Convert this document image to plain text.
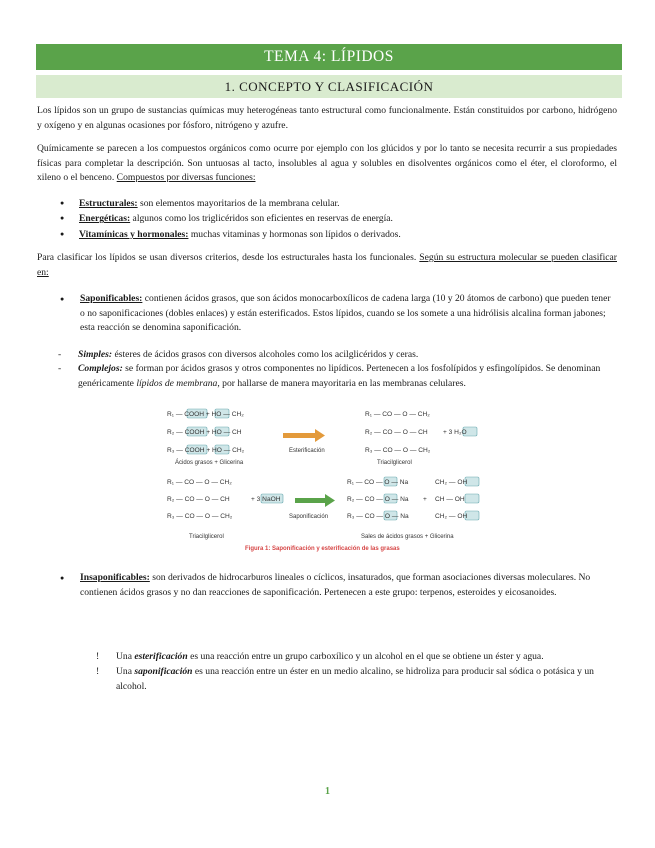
TEMA 4: LÍPIDOS
1. CONCEPTO Y CLASIFICACIÓN

Los lípidos son un grupo de sustancias químicas muy heterogéneas tanto estructural como funcionalmente. Están constituidos por carbono, hidrógeno y oxígeno y en algunas ocasiones por fósforo, nitrógeno y azufre.

Químicamente se parecen a los compuestos orgánicos como ocurre por ejemplo con los glúcidos y por lo tanto se necesita recurrir a sus propiedades físicas para completar la descripción. Son untuosas al tacto, insolubles al agua y solubles en disolventes orgánicos como el éter, el cloroformo, el xileno o el benceno. Compuestos por diversas funciones:

● Estructurales: son elementos mayoritarios de la membrana celular.
● Energéticas: algunos como los triglicéridos son eficientes en reservas de energía.
● Vitamínicas y hormonales: muchas vitaminas y hormonas son lípidos o derivados.

Para clasificar los lípidos se usan diversos criterios, desde los estructurales hasta los funcionales. Según su estructura molecular se pueden clasificar en:

● Saponificables: contienen ácidos grasos, que son ácidos monocarboxílicos de cadena larga (10 y 20 átomos de carbono) que pueden tener o no saponificaciones (dobles enlaces) y están esterificados. Estos lípidos, cuando se los somete a una hidrólisis alcalina forman jabones; esta reacción se denomina saponificación.
- Simples: ésteres de ácidos grasos con diversos alcoholes como los acilglicéridos y ceras.
- Complejos: se forman por ácidos grasos y otros componentes no lipídicos. Pertenecen a los fosfolípidos y esfingolípidos. Se denominan genéricamente lípidos de membrana, por hallarse de manera mayoritaria en las membranas celulares.
R₁ — COOH + HO — CH₂
R₂ — COOH + HO — CH
R₃ — COOH + HO — CH₂
Ácidos grasos + Glicerina
Esterificación
R₁ — CO — O — CH₂
R₂ — CO — O — CH
R₃ — CO — O — CH₂
+ 3 H₂O
Triacilglicerol
R₁ — CO — O — CH₂
R₂ — CO — O — CH
R₃ — CO — O — CH₂
+ 3 NaOH
Triacilglicerol
Saponificación
R₁ — CO — O — Na
R₂ — CO — O — Na
R₃ — CO — O — Na
+
CH₂ — OH
CH — OH
CH₂ — OH
Sales de ácidos grasos + Glicerina
Figura 1: Saponificación y esterificación de las grasas
● Insaponificables: son derivados de hidrocarburos lineales o cíclicos, insaturados, que forman asociaciones diversas moleculares. No contienen ácidos grasos y no dan reacciones de saponificación. Pertenecen a este grupo: terpenos, esteroides y eicosanoides.
! Una esterificación es una reacción entre un grupo carboxílico y un alcohol en el que se obtiene un éster y agua.
! Una saponificación es una reacción entre un éster en un medio alcalino, se hidroliza para producir sal sódica o potásica y un alcohol.
1
